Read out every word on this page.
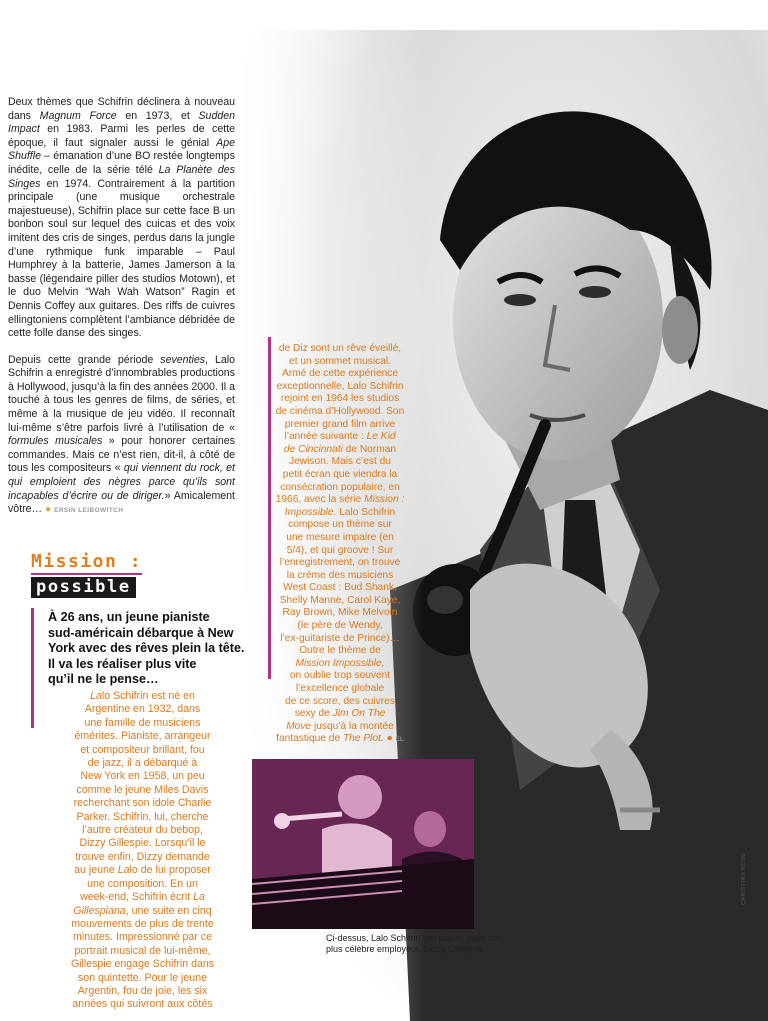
Deux thèmes que Schifrin déclinera à nouveau dans Magnum Force en 1973, et Sudden Impact en 1983. Parmi les perles de cette époque, il faut signaler aussi le génial Ape Shuffle – émanation d’une BO restée longtemps inédite, celle de la série télé La Planète des Singes en 1974. Contrairement à la partition principale (une musique orchestrale majestueuse), Schifrin place sur cette face B un bonbon soul sur lequel des cuicas et des voix imitent des cris de singes, perdus dans la jungle d’une rythmique funk imparable – Paul Humphrey à la batterie, James Jamerson à la basse (légendaire piller des studios Motown), et le duo Melvin “Wah Wah Watson” Ragin et Dennis Coffey aux guitares. Des riffs de cuivres ellingtoniens complètent l’ambiance débridée de cette folle danse des singes.

Depuis cette grande période seventies, Lalo Schifrin a enregistré d’innombrables productions à Hollywood, jusqu’à la fin des années 2000. Il a touché à tous les genres de films, de séries, et même à la musique de jeu vidéo. Il reconnaît lui-même s’être parfois livré à l’utilisation de « formules musicales » pour honorer certaines commandes. Mais ce n’est rien, dit-il, à côté de tous les compositeurs « qui viennent du rock, et qui emploient des nègres parce qu’ils sont incapables d’écrire ou de diriger.» Amicalement vôtre… ● ERSIN LEIBOWITCH

de Diz sont un rêve éveillé,
et un sommet musical.
Armé de cette expérience
exceptionnelle, Lalo Schifrin
rejoint en 1964 les studios
de cinéma d’Hollywood. Son
premier grand film arrive
l’année suivante : Le Kid
de Cincinnati de Norman
Jewison. Mais c’est du
petit écran que viendra la
consécration populaire, en
1966, avec la série Mission :
Impossible. Lalo Schifrin
compose un thème sur
une mesure impaire (en
5/4), et qui groove ! Sur
l’enregistrement, on trouve
la crème des musiciens
West Coast : Bud Shank,
Shelly Manne, Carol Kaye,
Ray Brown, Mike Melvoin
(le père de Wendy,
l’ex-guitariste de Prince)…
Outre le thème de
Mission Impossible,
on oublie trop souvent
l’excellence globale
de ce score, des cuivres
sexy de Jim On The
Move jusqu’à la montée
fantastique de The Plot. ● EL
Mission :
possible
À 26 ans, un jeune pianiste
sud-américain débarque à New
York avec des rêves plein la tête.
Il va les réaliser plus vite
qu’il ne le pense…
Lalo Schifrin est né en
Argentine en 1932, dans
une famille de musiciens
émérites. Pianiste, arrangeur
et compositeur brillant, fou
de jazz, il a débarqué à
New York en 1958, un peu
comme le jeune Miles Davis
recherchant son idole Charlie
Parker. Schifrin, lui, cherche
l’autre créateur du bebop,
Dizzy Gillespie. Lorsqu’il le
trouve enfin, Dizzy demande
au jeune Lalo de lui proposer
une composition. En un
week-end, Schifrin écrit La
Gillespiana, une suite en cinq
mouvements de plus de trente
minutes. Impressionné par ce
portrait musical de lui-même,
Gillespie engage Schifrin dans
son quintette. Pour le jeune
Argentin, fou de joie, les six
années qui suivront aux côtés
Ci-dessus, Lalo Schifrin (au piano) avec son
plus célèbre employeur, Dizzy Gillespie.
CHRISTIAN ROSE
